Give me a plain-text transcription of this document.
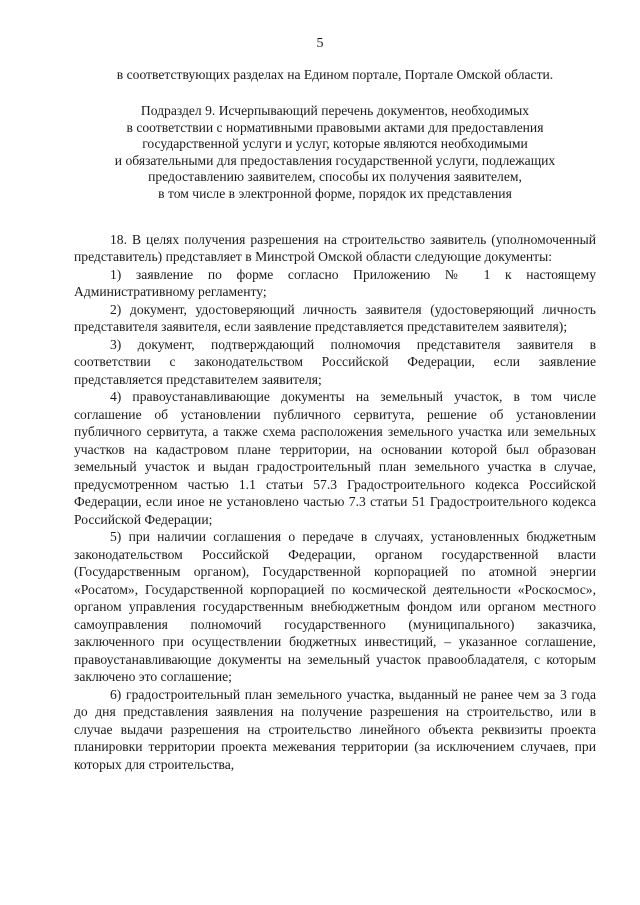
5
в соответствующих разделах на Едином портале, Портале Омской области.
Подраздел 9. Исчерпывающий перечень документов, необходимых
в соответствии с нормативными правовыми актами для предоставления
государственной услуги и услуг, которые являются необходимыми
и обязательными для предоставления государственной услуги, подлежащих
предоставлению заявителем, способы их получения заявителем,
в том числе в электронной форме, порядок их представления

18. В целях получения разрешения на строительство заявитель (уполномоченный представитель) представляет в Минстрой Омской области следующие документы:

1) заявление по форме согласно Приложению № 1 к настоящему Административному регламенту;

2) документ, удостоверяющий личность заявителя (удостоверяющий личность представителя заявителя, если заявление представляется представителем заявителя);

3) документ, подтверждающий полномочия представителя заявителя в соответствии с законодательством Российской Федерации, если заявление представляется представителем заявителя;

4) правоустанавливающие документы на земельный участок, в том числе соглашение об установлении публичного сервитута, решение об установлении публичного сервитута, а также схема расположения земельного участка или земельных участков на кадастровом плане территории, на основании которой был образован земельный участок и выдан градостроительный план земельного участка в случае, предусмотренном частью 1.1 статьи 57.3 Градостроительного кодекса Российской Федерации, если иное не установлено частью 7.3 статьи 51 Градостроительного кодекса Российской Федерации;

5) при наличии соглашения о передаче в случаях, установленных бюджетным законодательством Российской Федерации, органом государственной власти (Государственным органом), Государственной корпорацией по атомной энергии «Росатом», Государственной корпорацией по космической деятельности «Роскосмос», органом управления государственным внебюджетным фондом или органом местного самоуправления полномочий государственного (муниципального) заказчика, заключенного при осуществлении бюджетных инвестиций, – указанное соглашение, правоустанавливающие документы на земельный участок правообладателя, с которым заключено это соглашение;

6) градостроительный план земельного участка, выданный не ранее чем за 3 года до дня представления заявления на получение разрешения на строительство, или в случае выдачи разрешения на строительство линейного объекта реквизиты проекта планировки территории проекта межевания территории (за исключением случаев, при которых для строительства,
